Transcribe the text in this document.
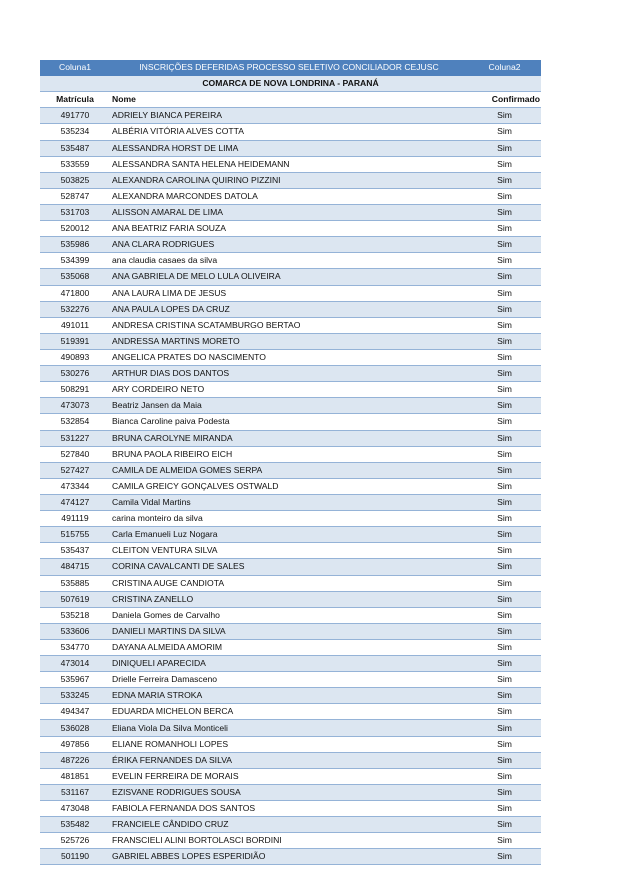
Coluna1	INSCRIÇÕES DEFERIDAS PROCESSO SELETIVO CONCILIADOR CEJUSC	Coluna2
COMARCA DE NOVA LONDRINA - PARANÁ		
Matrícula	Nome	Confirmado
491770	ADRIELY BIANCA PEREIRA	Sim
535234	ALBÉRIA VITÓRIA ALVES COTTA	Sim
535487	ALESSANDRA HORST DE LIMA	Sim
533559	ALESSANDRA SANTA HELENA HEIDEMANN	Sim
503825	ALEXANDRA CAROLINA QUIRINO PIZZINI	Sim
528747	ALEXANDRA MARCONDES DATOLA	Sim
531703	ALISSON AMARAL DE LIMA	Sim
520012	ANA BEATRIZ FARIA SOUZA	Sim
535986	ANA CLARA RODRIGUES	Sim
534399	ana claudia casaes da silva	Sim
535068	ANA GABRIELA DE MELO LULA OLIVEIRA	Sim
471800	ANA LAURA LIMA DE JESUS	Sim
532276	ANA PAULA LOPES DA CRUZ	Sim
491011	ANDRESA CRISTINA SCATAMBURGO BERTAO	Sim
519391	ANDRESSA MARTINS MORETO	Sim
490893	ANGELICA PRATES DO NASCIMENTO	Sim
530276	ARTHUR DIAS DOS DANTOS	Sim
508291	ARY CORDEIRO NETO	Sim
473073	Beatriz Jansen da Maia	Sim
532854	Bianca Caroline paiva Podesta	Sim
531227	BRUNA CAROLYNE MIRANDA	Sim
527840	BRUNA PAOLA RIBEIRO EICH	Sim
527427	CAMILA DE ALMEIDA GOMES SERPA	Sim
473344	CAMILA GREICY GONÇALVES OSTWALD	Sim
474127	Camila Vidal Martins	Sim
491119	carina monteiro da silva	Sim
515755	Carla Emanueli Luz Nogara	Sim
535437	CLEITON VENTURA SILVA	Sim
484715	CORINA CAVALCANTI DE SALES	Sim
535885	CRISTINA AUGE CANDIOTA	Sim
507619	CRISTINA ZANELLO	Sim
535218	Daniela Gomes de Carvalho	Sim
533606	DANIELI MARTINS DA SILVA	Sim
534770	DAYANA ALMEIDA AMORIM	Sim
473014	DINIQUELI APARECIDA	Sim
535967	Drielle Ferreira Damasceno	Sim
533245	EDNA MARIA STROKA	Sim
494347	EDUARDA MICHELON BERCA	Sim
536028	Eliana Viola Da Silva Monticeli	Sim
497856	ELIANE ROMANHOLI LOPES	Sim
487226	ÉRIKA FERNANDES DA SILVA	Sim
481851	EVELIN FERREIRA DE MORAIS	Sim
531167	EZISVANE RODRIGUES SOUSA	Sim
473048	FABIOLA FERNANDA DOS SANTOS	Sim
535482	FRANCIELE CÂNDIDO CRUZ	Sim
525726	FRANSCIELI ALINI BORTOLASCI BORDINI	Sim
501190	GABRIEL ABBES LOPES ESPERIDIÃO	Sim
